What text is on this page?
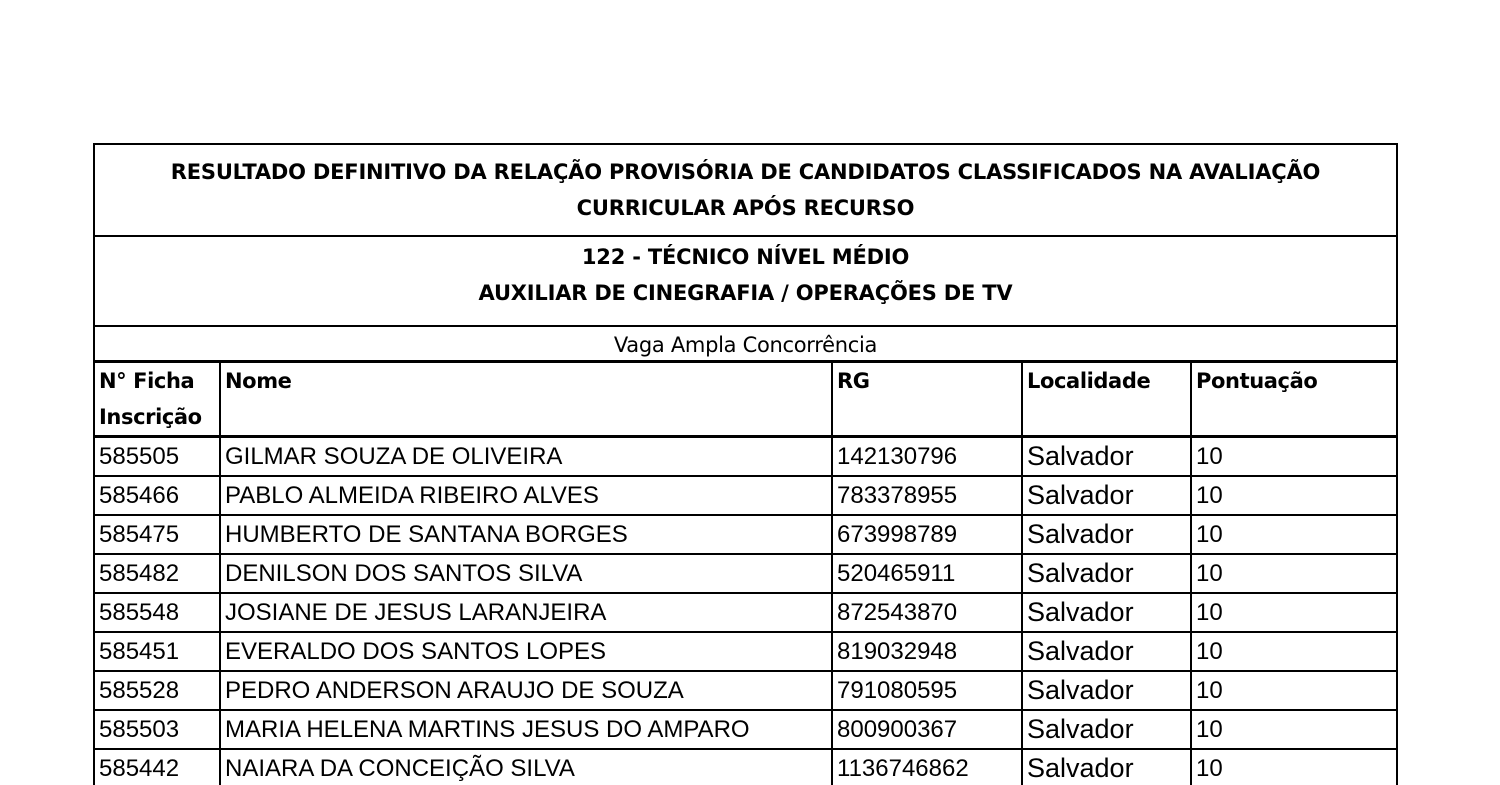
RESULTADO DEFINITIVO DA RELAÇÃO PROVISÓRIA DE CANDIDATOS CLASSIFICADOS NA AVALIAÇÃO
CURRICULAR APÓS RECURSO
122 - TÉCNICO NÍVEL MÉDIO
AUXILIAR DE CINEGRAFIA / OPERAÇÕES DE TV
Vaga Ampla Concorrência
N° Ficha
Inscrição	Nome	RG	Localidade	Pontuação
585505	GILMAR SOUZA DE OLIVEIRA	142130796	Salvador	10
585466	PABLO ALMEIDA RIBEIRO ALVES	783378955	Salvador	10
585475	HUMBERTO DE SANTANA BORGES	673998789	Salvador	10
585482	DENILSON DOS SANTOS SILVA	520465911	Salvador	10
585548	JOSIANE DE JESUS LARANJEIRA	872543870	Salvador	10
585451	EVERALDO DOS SANTOS LOPES	819032948	Salvador	10
585528	PEDRO ANDERSON ARAUJO DE SOUZA	791080595	Salvador	10
585503	MARIA HELENA MARTINS JESUS DO AMPARO	800900367	Salvador	10
585442	NAIARA DA CONCEIÇÃO SILVA	1136746862	Salvador	10
